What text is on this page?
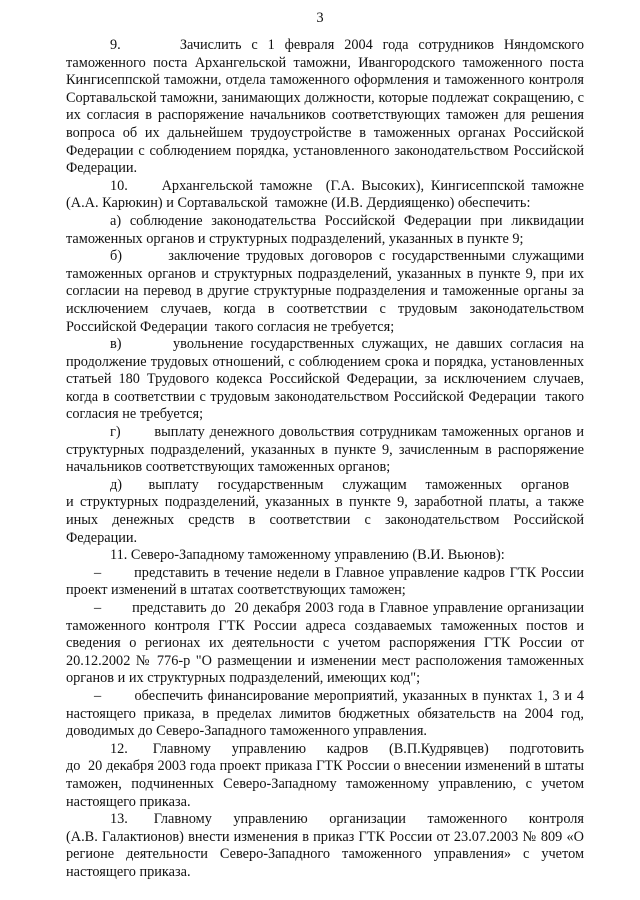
3

9.      Зачислить с 1 февраля 2004 года сотрудников Няндомского таможенного поста Архангельской таможни, Ивангородского таможенного поста Кингисеппской таможни, отдела таможенного оформления и таможенного контроля Сортавальской таможни, занимающих должности, которые подлежат сокращению, с их согласия в распоряжение начальников соответствующих таможен для решения вопроса об их дальнейшем трудоустройстве в таможенных органах Российской Федерации с соблюдением порядка, установленного законодательством Российской Федерации.

10.     Архангельской таможне  (Г.А. Высоких), Кингисеппской таможне (А.А. Карюкин) и Сортавальской  таможне (И.В. Дердиященко) обеспечить:

а) соблюдение законодательства Российской Федерации при ликвидации таможенных органов и структурных подразделений, указанных в пункте 9;

б)       заключение трудовых договоров с государственными служащими таможенных органов и структурных подразделений, указанных в пункте 9, при их согласии на перевод в другие структурные подразделения и таможенные органы за исключением случаев, когда в соответствии с трудовым законодательством Российской Федерации  такого согласия не требуется;

в)       увольнение государственных служащих, не давших согласия на продолжение трудовых отношений, с соблюдением срока и порядка, установленных статьей 180 Трудового кодекса Российской Федерации, за исключением случаев, когда в соответствии с трудовым законодательством Российской Федерации  такого согласия не требуется;

г)       выплату денежного довольствия сотрудникам таможенных органов и структурных подразделений, указанных в пункте 9, зачисленным в распоряжение начальников соответствующих таможенных органов;

д)       выплату     государственным     служащим     таможенных     органов     и структурных подразделений, указанных в пункте 9, заработной платы, а также иных денежных средств в соответствии с законодательством Российской Федерации.

11. Северо-Западному таможенному управлению (В.И. Вьюнов):

–       представить в течение недели в Главное управление кадров ГТК России проект изменений в штатах соответствующих таможен;

–       представить до  20 декабря 2003 года в Главное управление организации таможенного контроля ГТК России адреса создаваемых таможенных постов и сведения о регионах их деятельности с учетом распоряжения ГТК России от 20.12.2002 № 776-р "О размещении и изменении мест расположения таможенных органов и их структурных подразделений, имеющих код";

–       обеспечить финансирование мероприятий, указанных в пунктах 1, 3 и 4 настоящего приказа, в пределах лимитов бюджетных обязательств на 2004 год, доводимых до Северо-Западного таможенного управления.

12.      Главному     управлению     кадров     (В.П.Кудрявцев)     подготовить до  20 декабря 2003 года проект приказа ГТК России о внесении изменений в штаты таможен, подчиненных Северо-Западному таможенному управлению, с учетом настоящего приказа.

13.      Главному     управлению     организации     таможенного     контроля (А.В. Галактионов) внести изменения в приказ ГТК России от 23.07.2003 № 809 «О регионе деятельности Северо-Западного таможенного управления» с учетом настоящего приказа.
